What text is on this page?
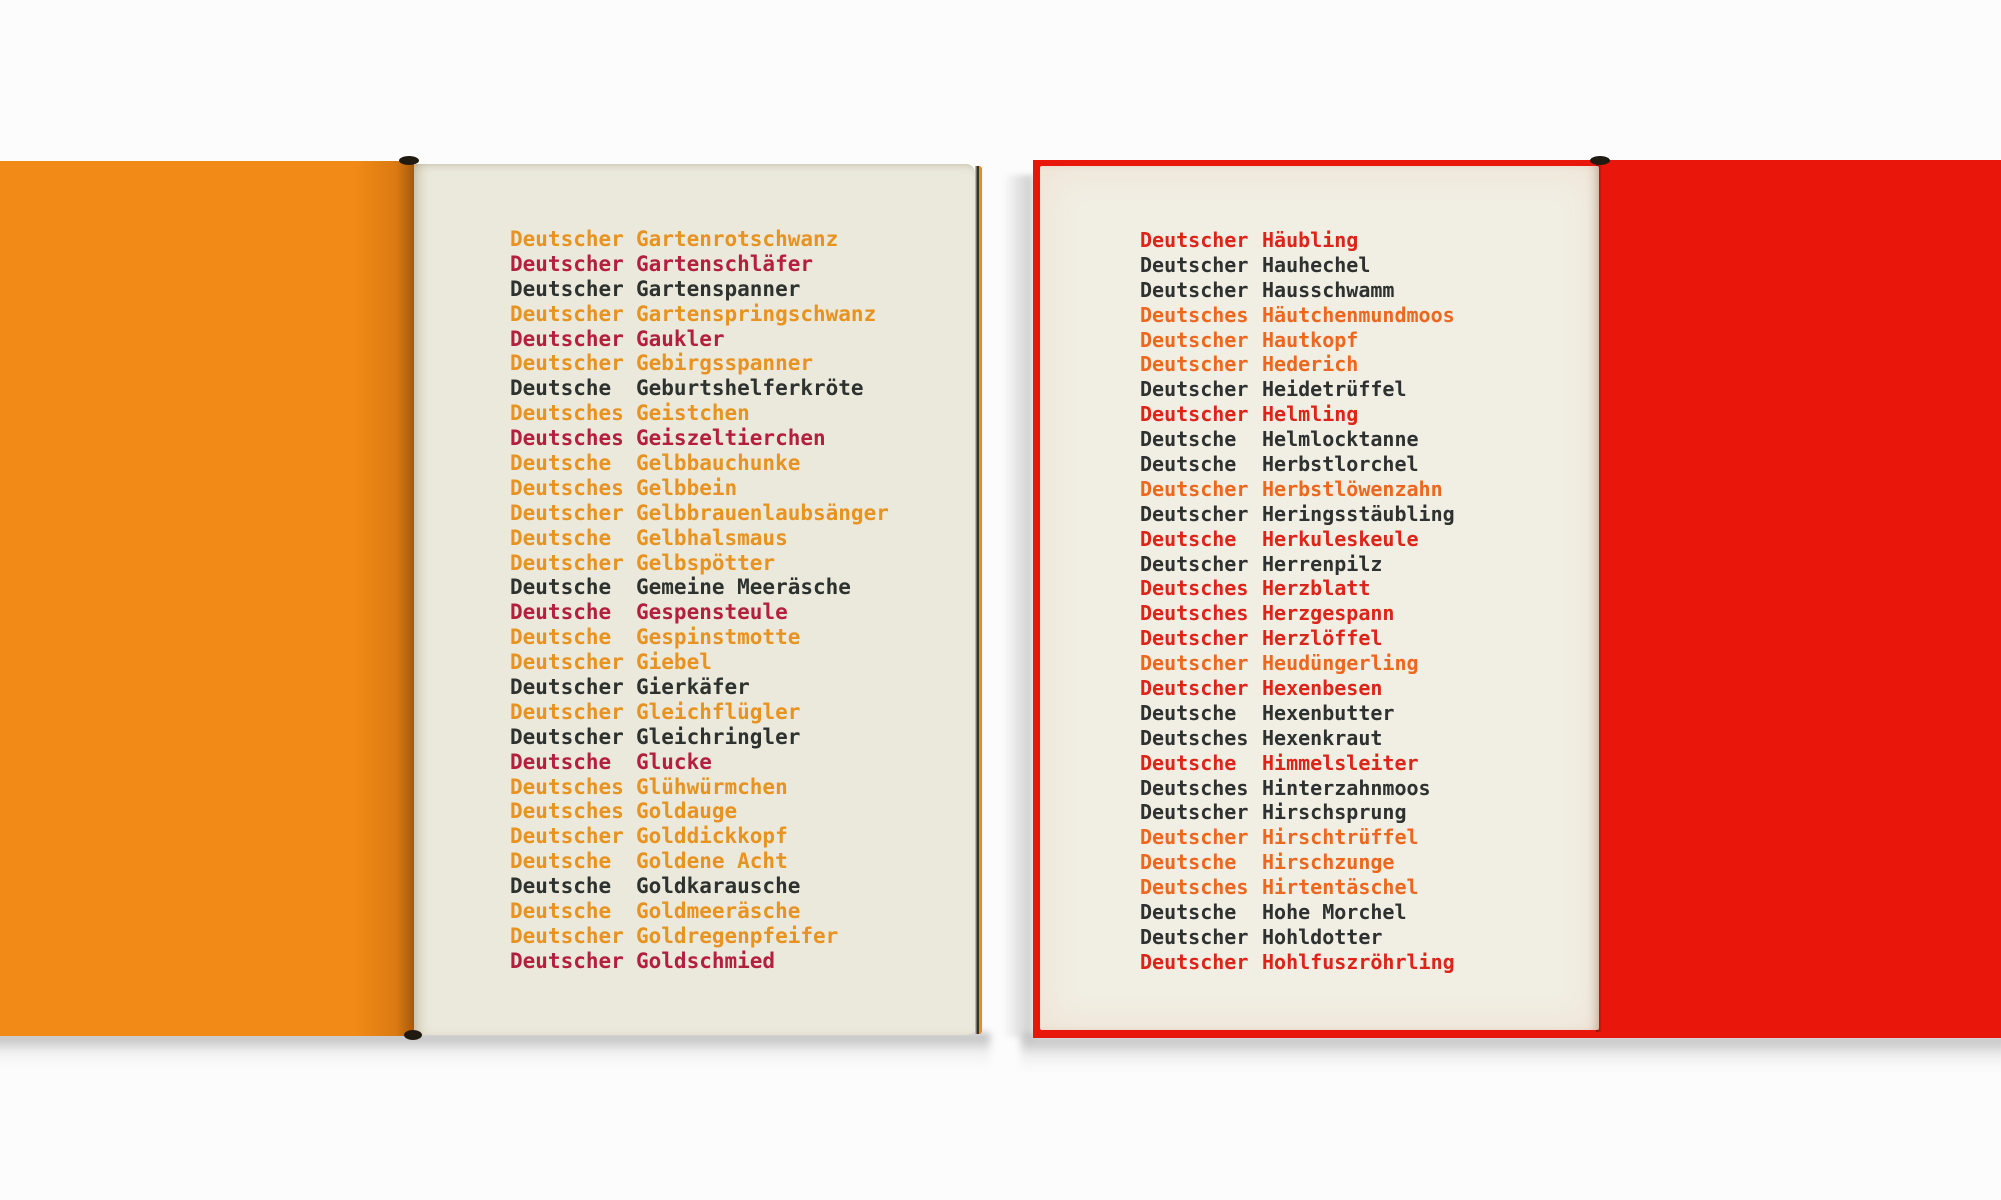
Deutscher Gartenrotschwanz
Deutscher Gartenschläfer
Deutscher Gartenspanner
Deutscher Gartenspringschwanz
Deutscher Gaukler
Deutscher Gebirgsspanner
Deutsche	Geburtshelferkröte
Deutsches Geistchen
Deutsches Geiszeltierchen
Deutsche	Gelbbauchunke
Deutsches Gelbbein
Deutscher Gelbbrauenlaubsänger
Deutsche	Gelbhalsmaus
Deutscher Gelbspötter
Deutsche	Gemeine Meeräsche
Deutsche	Gespensteule
Deutsche	Gespinstmotte
Deutscher Giebel
Deutscher Gierkäfer
Deutscher Gleichflügler
Deutscher Gleichringler
Deutsche	Glucke
Deutsches Glühwürmchen
Deutsches Goldauge
Deutscher Golddickkopf
Deutsche	Goldene Acht
Deutsche	Goldkarausche
Deutsche	Goldmeeräsche
Deutscher Goldregenpfeifer
Deutscher Goldschmied
Deutscher Häubling
Deutscher Hauhechel
Deutscher Hausschwamm
Deutsches Häutchenmundmoos
Deutscher Hautkopf
Deutscher Hederich
Deutscher Heidetrüffel
Deutscher Helmling
Deutsche	Helmlocktanne
Deutsche	Herbstlorchel
Deutscher Herbstlöwenzahn
Deutscher Heringsstäubling
Deutsche	Herkuleskeule
Deutscher Herrenpilz
Deutsches Herzblatt
Deutsches Herzgespann
Deutscher Herzlöffel
Deutscher Heudüngerling
Deutscher Hexenbesen
Deutsche	Hexenbutter
Deutsches Hexenkraut
Deutsche	Himmelsleiter
Deutsches Hinterzahnmoos
Deutscher Hirschsprung
Deutscher Hirschtrüffel
Deutsche	Hirschzunge
Deutsches Hirtentäschel
Deutsche	Hohe Morchel
Deutscher Hohldotter
Deutscher Hohlfuszröhrling
